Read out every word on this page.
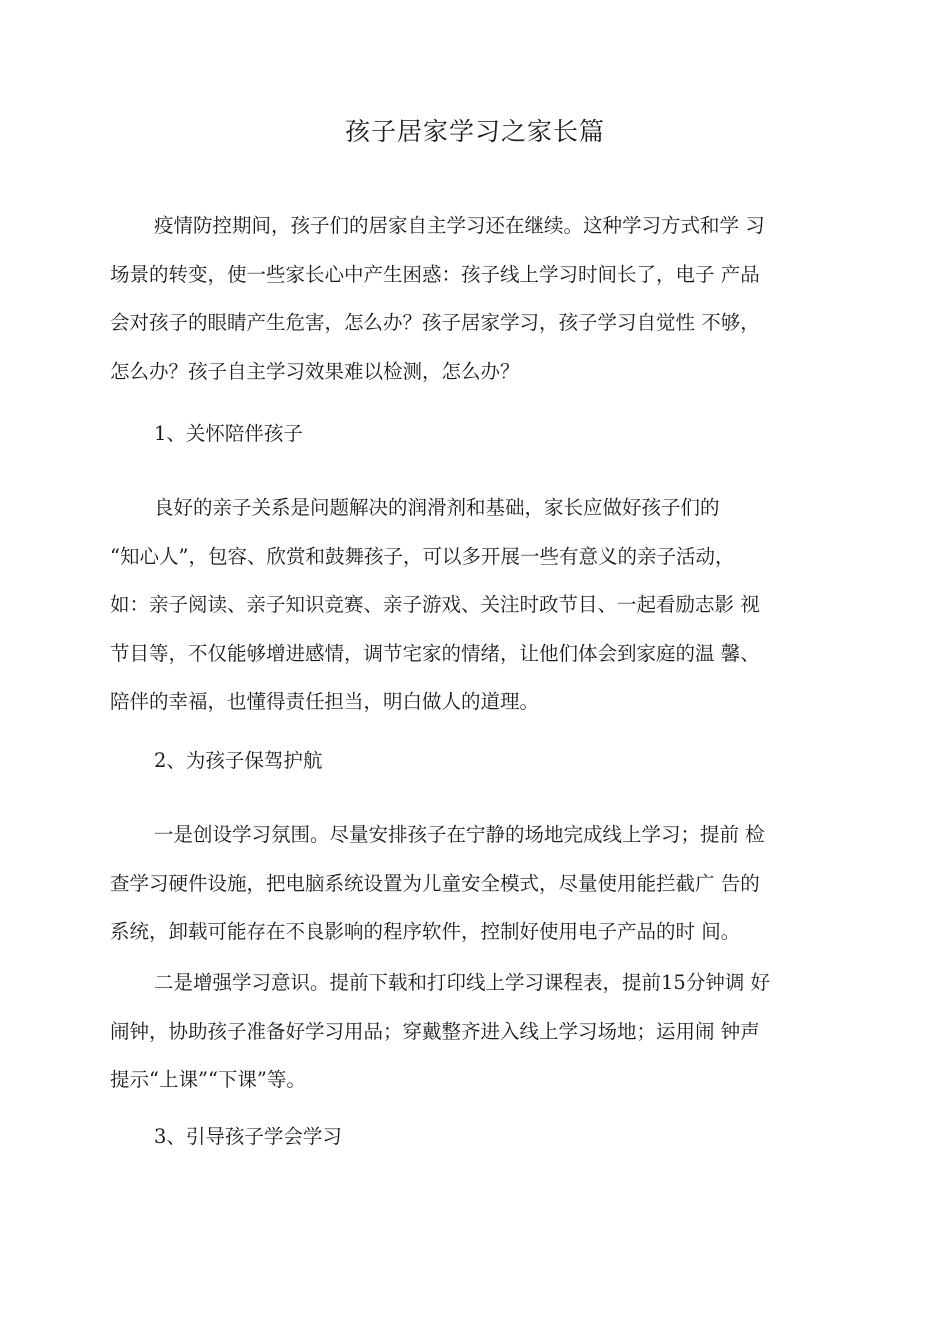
孩子居家学习之家长篇
疫情防控期间，孩子们的居家自主学习还在继续。这种学习方式和学 习
场景的转变，使一些家长心中产生困惑：孩子线上学习时间长了，电子 产品
会对孩子的眼睛产生危害，怎么办？孩子居家学习，孩子学习自觉性 不够，
怎么办？孩子自主学习效果难以检测，怎么办？
1、关怀陪伴孩子
良好的亲子关系是问题解决的润滑剂和基础，家长应做好孩子们的
“知心人”，包容、欣赏和鼓舞孩子，可以多开展一些有意义的亲子活动，
如：亲子阅读、亲子知识竞赛、亲子游戏、关注时政节目、一起看励志影 视
节目等，不仅能够增进感情，调节宅家的情绪，让他们体会到家庭的温 馨、
陪伴的幸福，也懂得责任担当，明白做人的道理。
2、为孩子保驾护航
一是创设学习氛围。尽量安排孩子在宁静的场地完成线上学习；提前 检
查学习硬件设施，把电脑系统设置为儿童安全模式，尽量使用能拦截广 告的
系统，卸载可能存在不良影响的程序软件，控制好使用电子产品的时 间。
二是增强学习意识。提前下载和打印线上学习课程表，提前15分钟调 好
闹钟，协助孩子准备好学习用品；穿戴整齐进入线上学习场地；运用闹 钟声
提示“上课”“下课”等。
3、引导孩子学会学习
